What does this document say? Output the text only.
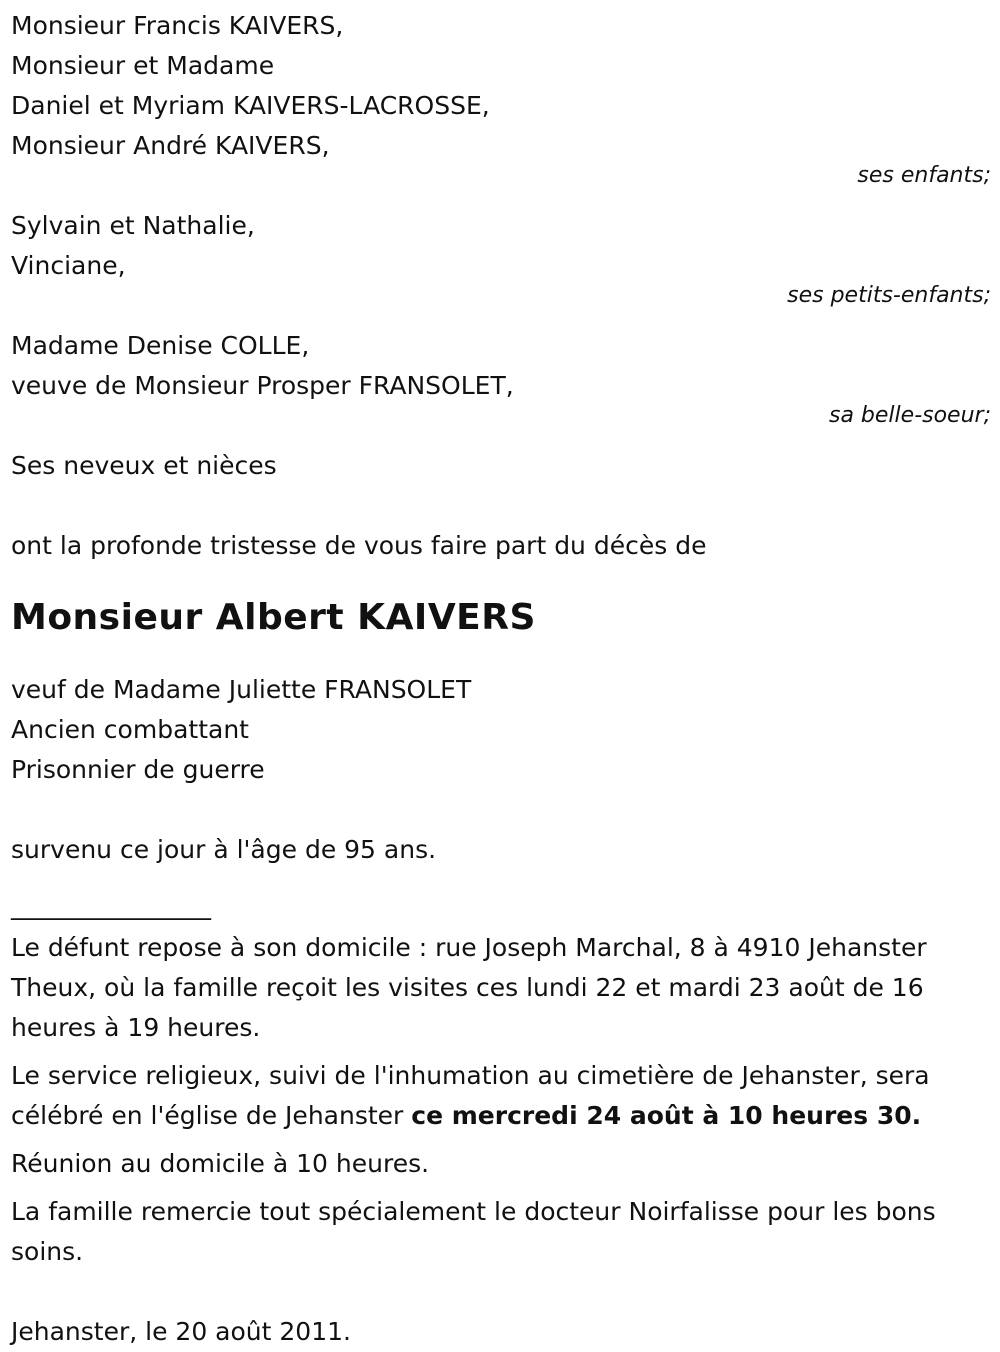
Monsieur Francis KAIVERS,
Monsieur et Madame
Daniel et Myriam KAIVERS-LACROSSE,
Monsieur André KAIVERS,
ses enfants;
Sylvain et Nathalie,
Vinciane,
ses petits-enfants;
Madame Denise COLLE,
veuve de Monsieur Prosper FRANSOLET,
sa belle-soeur;
Ses neveux et nièces
ont la profonde tristesse de vous faire part du décès de
Monsieur Albert KAIVERS
veuf de Madame Juliette FRANSOLET
Ancien combattant
Prisonnier de guerre
survenu ce jour à l'âge de 95 ans.
________________
Le défunt repose à son domicile : rue Joseph Marchal, 8 à 4910 Jehanster Theux, où la famille reçoit les visites ces lundi 22 et mardi 23 août de 16 heures à 19 heures.
Le service religieux, suivi de l'inhumation au cimetière de Jehanster, sera célébré en l'église de Jehanster ce mercredi 24 août à 10 heures 30.
Réunion au domicile à 10 heures.
La famille remercie tout spécialement le docteur Noirfalisse pour les bons soins.
Jehanster, le 20 août 2011.
